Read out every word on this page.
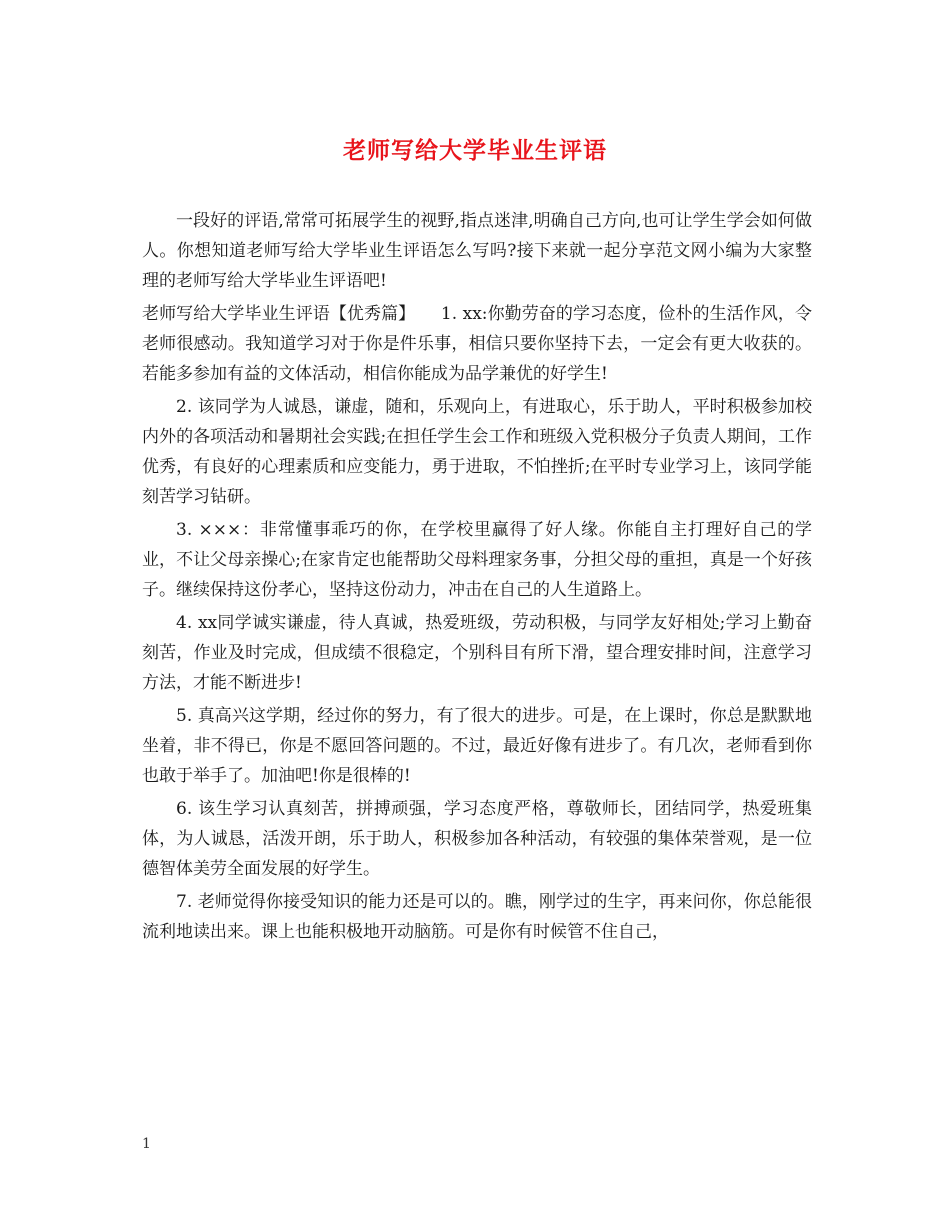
老师写给大学毕业生评语

一段好的评语,常常可拓展学生的视野,指点迷津,明确自己方向,也可让学生学会如何做人。你想知道老师写给大学毕业生评语怎么写吗?接下来就一起分享范文网小编为大家整理的老师写给大学毕业生评语吧!

老师写给大学毕业生评语【优秀篇】　　1. xx:你勤劳奋的学习态度，俭朴的生活作风，令老师很感动。我知道学习对于你是件乐事，相信只要你坚持下去，一定会有更大收获的。若能多参加有益的文体活动，相信你能成为品学兼优的好学生!

2. 该同学为人诚恳，谦虚，随和，乐观向上，有进取心，乐于助人，平时积极参加校内外的各项活动和暑期社会实践;在担任学生会工作和班级入党积极分子负责人期间，工作优秀，有良好的心理素质和应变能力，勇于进取，不怕挫折;在平时专业学习上，该同学能刻苦学习钻研。

3. ×××：非常懂事乖巧的你，在学校里赢得了好人缘。你能自主打理好自己的学业，不让父母亲操心;在家肯定也能帮助父母料理家务事，分担父母的重担，真是一个好孩子。继续保持这份孝心，坚持这份动力，冲击在自己的人生道路上。

4. xx同学诚实谦虚，待人真诚，热爱班级，劳动积极，与同学友好相处;学习上勤奋刻苦，作业及时完成，但成绩不很稳定，个别科目有所下滑，望合理安排时间，注意学习方法，才能不断进步!

5. 真高兴这学期，经过你的努力，有了很大的进步。可是，在上课时，你总是默默地坐着，非不得已，你是不愿回答问题的。不过，最近好像有进步了。有几次，老师看到你也敢于举手了。加油吧!你是很棒的!

6. 该生学习认真刻苦，拼搏顽强，学习态度严格，尊敬师长，团结同学，热爱班集体，为人诚恳，活泼开朗，乐于助人，积极参加各种活动，有较强的集体荣誉观，是一位德智体美劳全面发展的好学生。

7. 老师觉得你接受知识的能力还是可以的。瞧，刚学过的生字，再来问你，你总能很流利地读出来。课上也能积极地开动脑筋。可是你有时候管不住自己，

1
